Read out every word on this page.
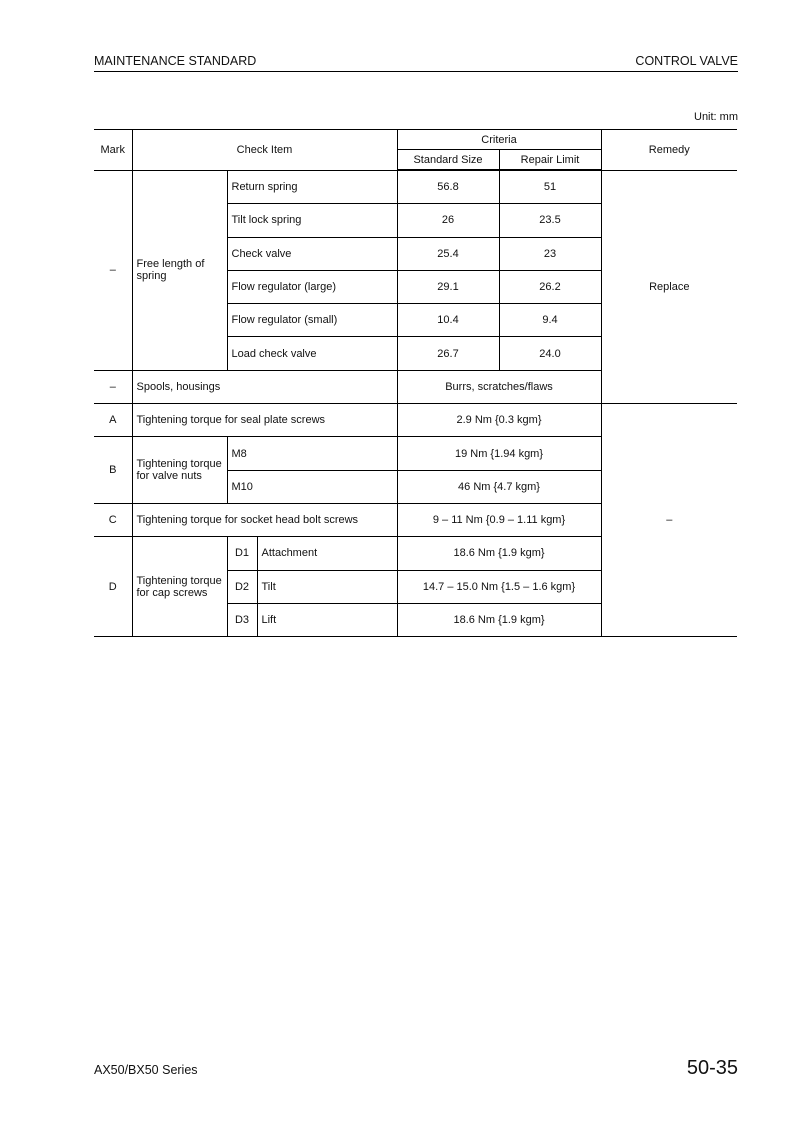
MAINTENANCE STANDARD	CONTROL VALVE
Unit: mm
Mark	Check Item			Criteria		Remedy
				Standard Size	Repair Limit	
–	Free length of spring	Return spring		56.8	51	Replace
		Tilt lock spring		26	23.5	
		Check valve		25.4	23	
		Flow regulator (large)		29.1	26.2	
		Flow regulator (small)		10.4	9.4	
		Load check valve		26.7	24.0	
–	Spools, housings			Burrs, scratches/flaws		
A	Tightening torque for seal plate screws			2.9 Nm {0.3 kgm}		–
B	Tightening torque for valve nuts	M8		19 Nm {1.94 kgm}		
		M10		46 Nm {4.7 kgm}		
C	Tightening torque for socket head bolt screws			9 – 11 Nm {0.9 – 1.11 kgm}		
D	Tightening torque for cap screws	D1	Attachment	18.6 Nm {1.9 kgm}		
		D2	Tilt	14.7 – 15.0 Nm {1.5 – 1.6 kgm}		
		D3	Lift	18.6 Nm {1.9 kgm}		
AX50/BX50 Series	50-35
